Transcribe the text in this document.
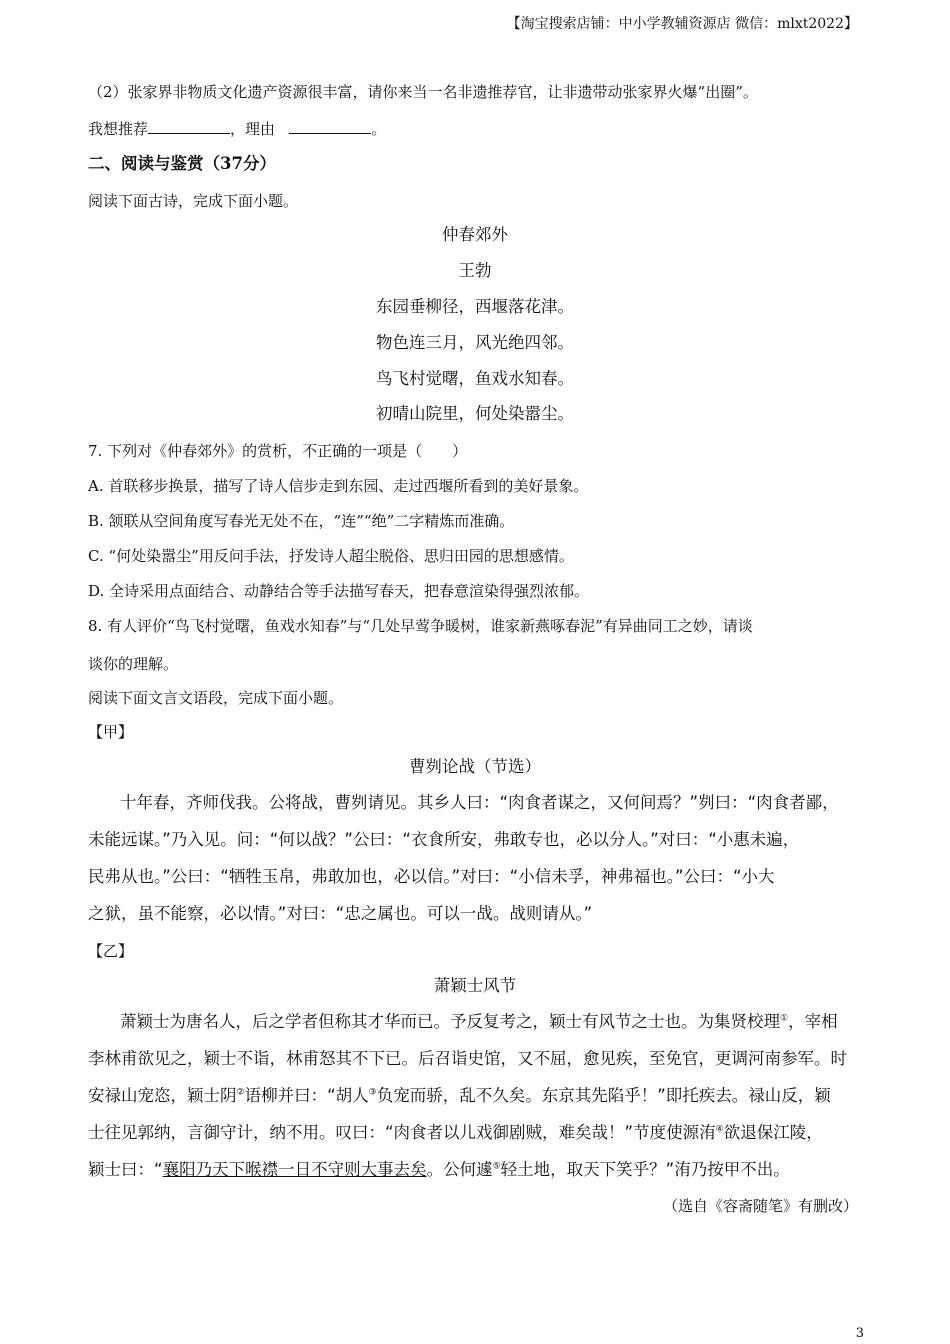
【淘宝搜索店铺：中小学教辅资源店 微信：mlxt2022】
（2）张家界非物质文化遗产资源很丰富，请你来当一名非遗推荐官，让非遗带动张家界火爆“出圈”。
我想推荐	，理由	。
二、阅读与鉴赏（37分）
阅读下面古诗，完成下面小题。
仲春郊外
王勃
东园垂柳径，西堰落花津。
物色连三月，风光绝四邻。
鸟飞村觉曙，鱼戏水知春。
初晴山院里，何处染嚣尘。
7. 下列对《仲春郊外》的赏析，不正确的一项是（　　）
A. 首联移步换景，描写了诗人信步走到东园、走过西堰所看到的美好景象。
B. 颔联从空间角度写春光无处不在，“连”“绝”二字精炼而准确。
C. “何处染嚣尘”用反问手法，抒发诗人超尘脱俗、思归田园的思想感情。
D. 全诗采用点面结合、动静结合等手法描写春天，把春意渲染得强烈浓郁。
8. 有人评价“鸟飞村觉曙，鱼戏水知春”与“几处早莺争暖树，谁家新燕啄春泥”有异曲同工之妙，请谈
谈你的理解。
阅读下面文言文语段，完成下面小题。
【甲】
曹刿论战（节选）
十年春，齐师伐我。公将战，曹刿请见。其乡人曰：“肉食者谋之，又何间焉？”刿曰：“肉食者鄙，
未能远谋。”乃入见。问：“何以战？”公曰：“衣食所安，弗敢专也，必以分人。”对曰：“小惠未遍，
民弗从也。”公曰：“牺牲玉帛，弗敢加也，必以信。”对曰：“小信未孚，神弗福也。”公曰：“小大
之狱，虽不能察，必以情。”对曰：“忠之属也。可以一战。战则请从。”
【乙】
萧颖士风节
萧颖士为唐名人，后之学者但称其才华而已。予反复考之，颖士有风节之士也。为集贤校理①，宰相
李林甫欲见之，颖士不诣，林甫怒其不下已。后召诣史馆，又不屈，愈见疾，至免官，更调河南参军。时
安禄山宠恣，颖士阴②语柳并曰：“胡人③负宠而骄，乱不久矣。东京其先陷乎！”即托疾去。禄山反，颖
士往见郭纳，言御守计，纳不用。叹曰：“肉食者以儿戏御剧贼，难矣哉！”节度使源洧④欲退保江陵，
颖士曰：“襄阳乃天下喉襟一日不守则大事去矣。公何遽⑤轻土地，取天下笑乎？”洧乃按甲不出。
（选自《容斋随笔》有删改）
3
